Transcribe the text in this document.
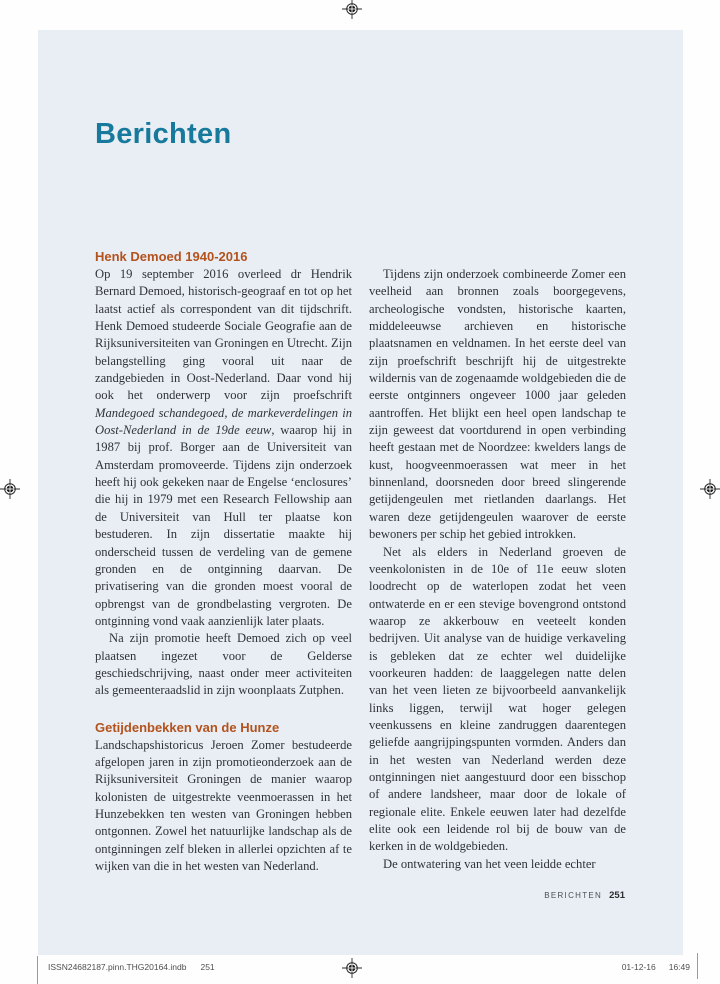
Berichten
Henk Demoed 1940-2016

Op 19 september 2016 overleed dr Hendrik Bernard Demoed, historisch-geograaf en tot op het laatst actief als correspondent van dit tijdschrift. Henk Demoed studeerde Sociale Geografie aan de Rijksuniversiteiten van Groningen en Utrecht. Zijn belangstelling ging vooral uit naar de zandgebieden in Oost-Nederland. Daar vond hij ook het onderwerp voor zijn proefschrift Mandegoed schandegoed, de markeverdelingen in Oost-Nederland in de 19de eeuw, waarop hij in 1987 bij prof. Borger aan de Universiteit van Amsterdam promoveerde. Tijdens zijn onderzoek heeft hij ook gekeken naar de Engelse ‘enclosures’ die hij in 1979 met een Research Fellowship aan de Universiteit van Hull ter plaatse kon bestuderen. In zijn dissertatie maakte hij onderscheid tussen de verdeling van de gemene gronden en de ontginning daarvan. De privatisering van die gronden moest vooral de opbrengst van de grondbelasting vergroten. De ontginning vond vaak aanzienlijk later plaats.

Na zijn promotie heeft Demoed zich op veel plaatsen ingezet voor de Gelderse geschiedschrijving, naast onder meer activiteiten als gemeenteraadslid in zijn woonplaats Zutphen.

Getijdenbekken van de Hunze

Landschapshistoricus Jeroen Zomer bestudeerde afgelopen jaren in zijn promotieonderzoek aan de Rijksuniversiteit Groningen de manier waarop kolonisten de uitgestrekte veenmoerassen in het Hunzebekken ten westen van Groningen hebben ontgonnen. Zowel het natuurlijke landschap als de ontginningen zelf bleken in allerlei opzichten af te wijken van die in het westen van Nederland.

Tijdens zijn onderzoek combineerde Zomer een veelheid aan bronnen zoals boorgegevens, archeologische vondsten, historische kaarten, middeleeuwse archieven en historische plaatsnamen en veldnamen. In het eerste deel van zijn proefschrift beschrijft hij de uitgestrekte wildernis van de zogenaamde woldgebieden die de eerste ontginners ongeveer 1000 jaar geleden aantroffen. Het blijkt een heel open landschap te zijn geweest dat voortdurend in open verbinding heeft gestaan met de Noordzee: kwelders langs de kust, hoogveenmoerassen wat meer in het binnenland, doorsneden door breed slingerende getijdengeulen met rietlanden daarlangs. Het waren deze getijdengeulen waarover de eerste bewoners per schip het gebied introkken.

Net als elders in Nederland groeven de veenkolonisten in de 10e of 11e eeuw sloten loodrecht op de waterlopen zodat het veen ontwaterde en er een stevige bovengrond ontstond waarop ze akkerbouw en veeteelt konden bedrijven. Uit analyse van de huidige verkaveling is gebleken dat ze echter wel duidelijke voorkeuren hadden: de laaggelegen natte delen van het veen lieten ze bijvoorbeeld aanvankelijk links liggen, terwijl wat hoger gelegen veenkussens en kleine zandruggen daarentegen geliefde aangrijpingspunten vormden. Anders dan in het westen van Nederland werden deze ontginningen niet aangestuurd door een bisschop of andere landsheer, maar door de lokale of regionale elite. Enkele eeuwen later had dezelfde elite ook een leidende rol bij de bouw van de kerken in de woldgebieden.

De ontwatering van het veen leidde echter

BERICHTEN 251
ISSN24682187.pinn.THG20164.indb 251	01-12-16 16:49
